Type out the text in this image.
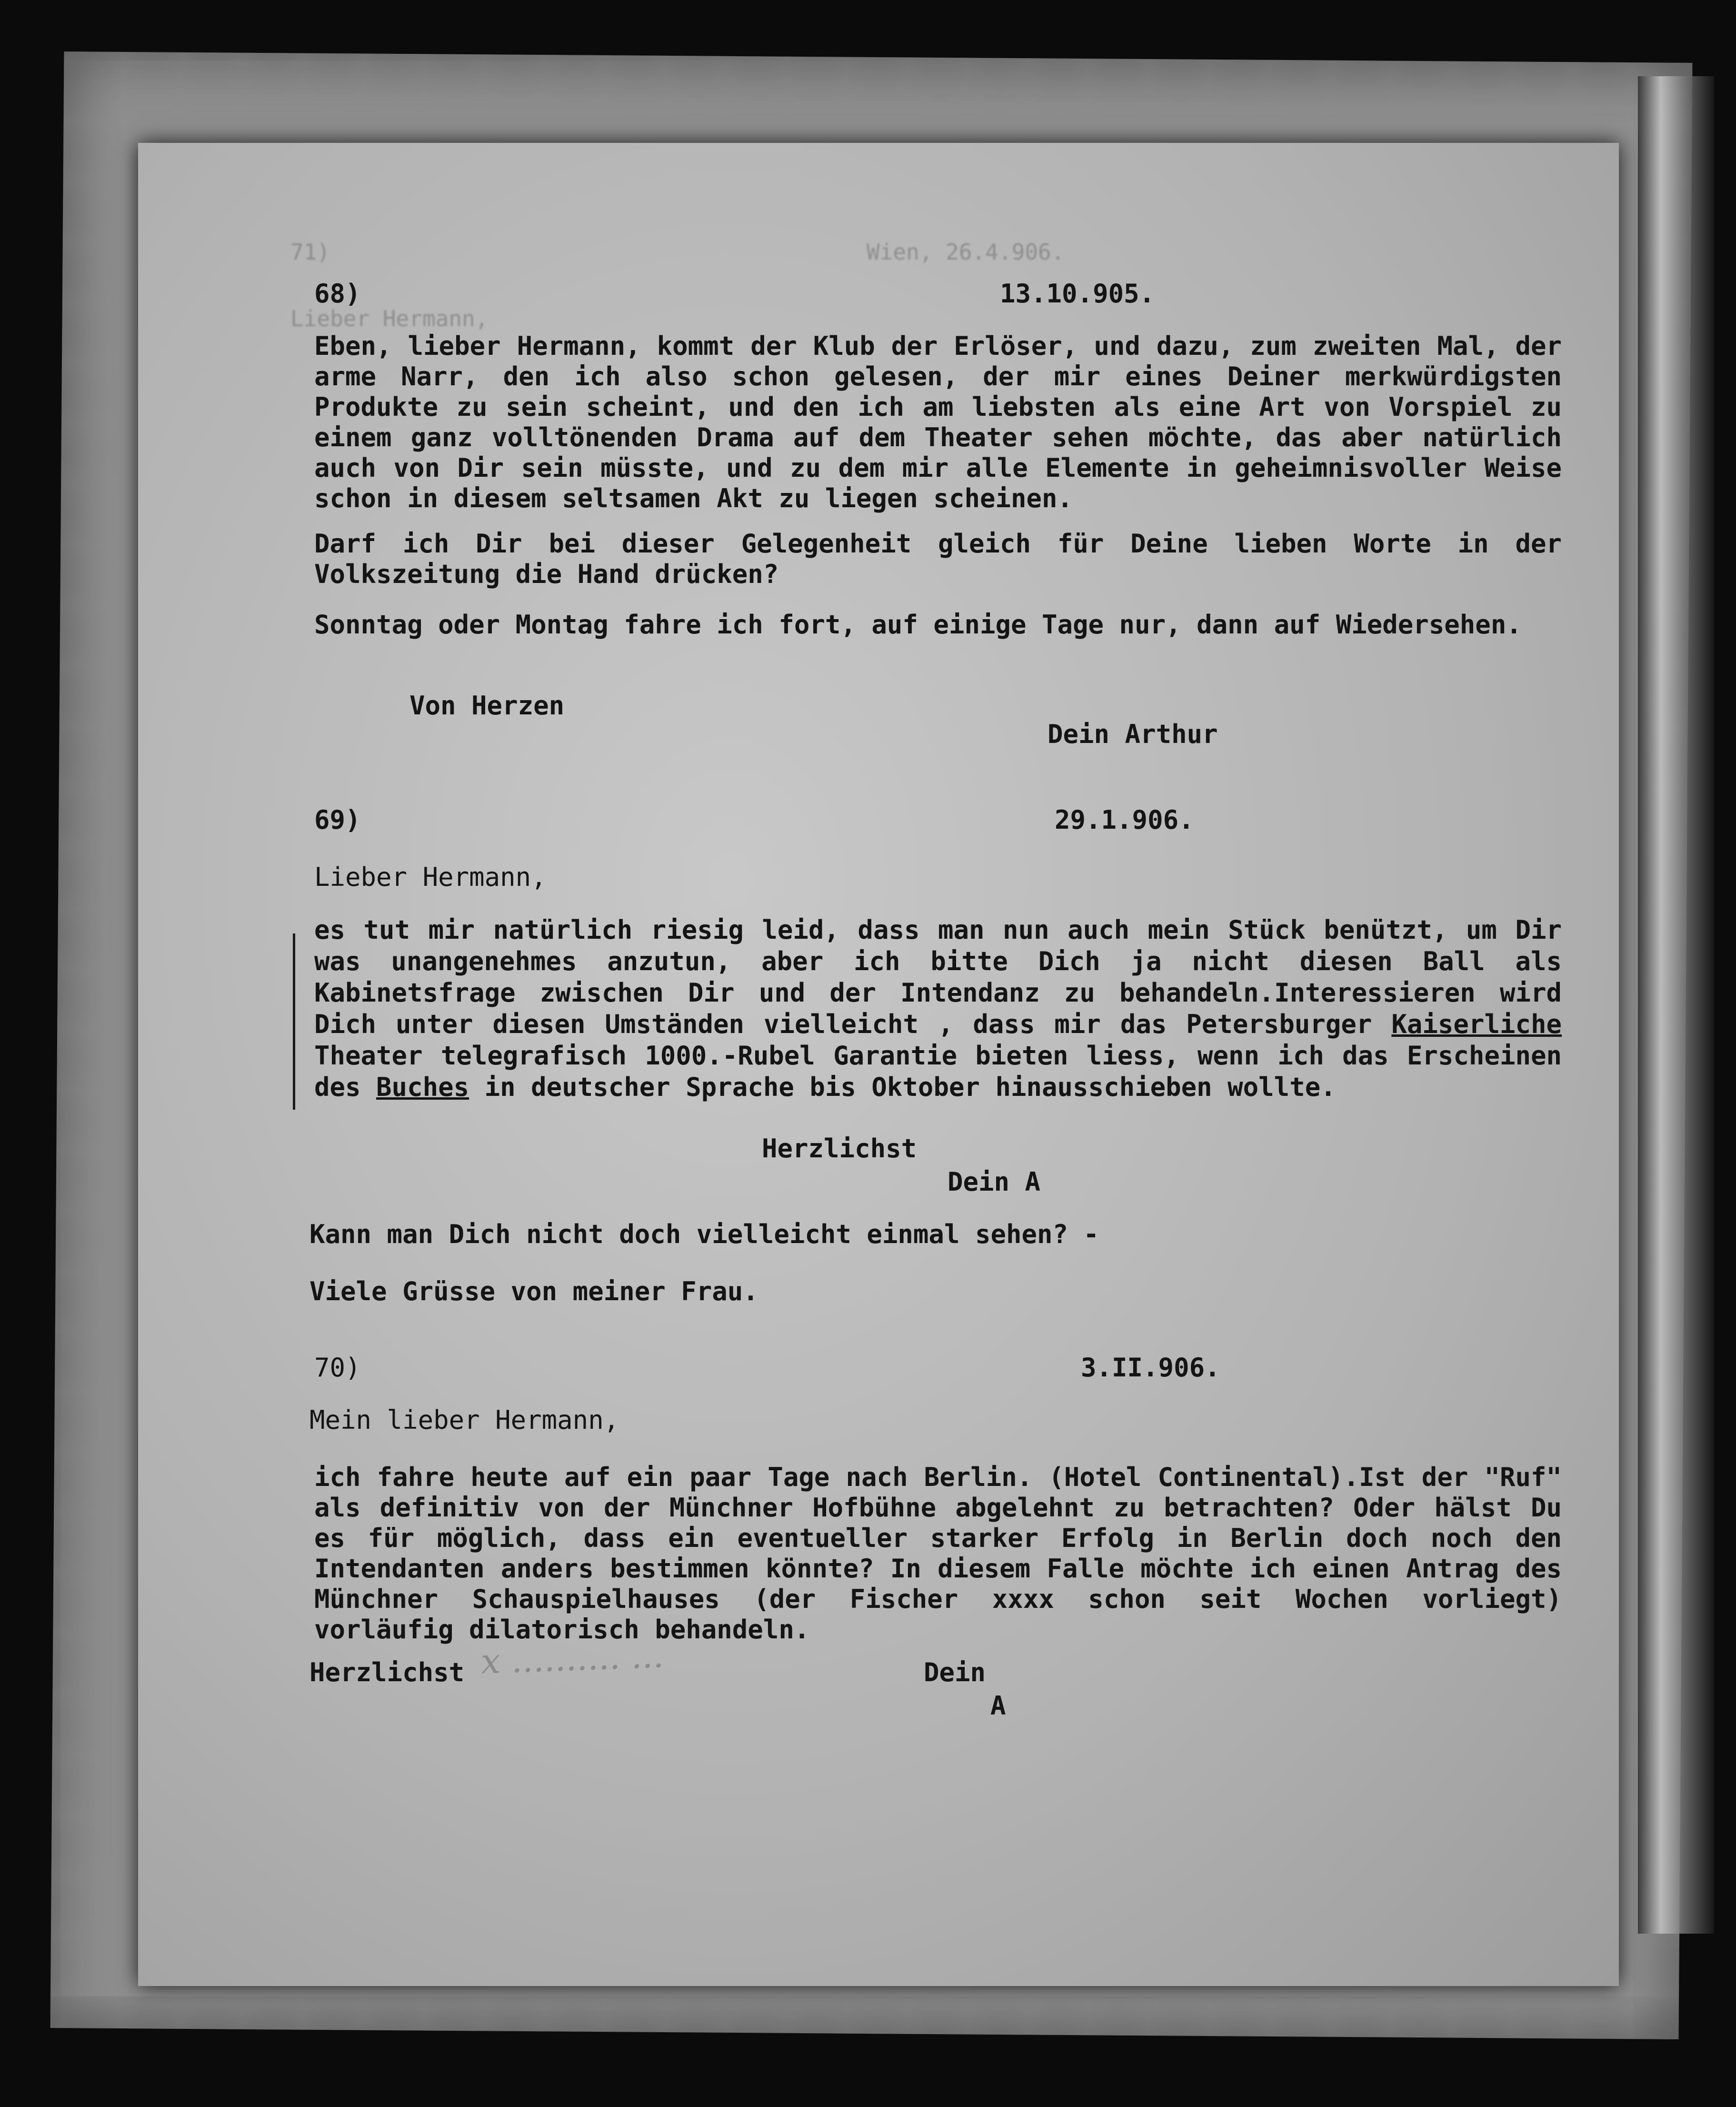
71)	Wien, 26.4.906.
Lieber Hermann,
68)	13.10.905.
Eben, lieber Hermann, kommt der Klub der Erlöser, und dazu, zum zweiten Mal, der arme Narr, den ich also schon gelesen, der mir eines Deiner merkwürdigsten Produkte zu sein scheint, und den ich am liebsten als eine Art von Vorspiel zu einem ganz volltönenden Drama auf dem Theater sehen möchte, das aber natürlich auch von Dir sein müsste, und zu dem mir alle Elemente in geheimnisvoller Weise schon in diesem seltsamen Akt zu liegen scheinen.
Darf ich Dir bei dieser Gelegenheit gleich für Deine lieben Worte in der Volkszeitung die Hand drücken?
Sonntag oder Montag fahre ich fort, auf einige Tage nur, dann auf Wiedersehen.
Von Herzen
Dein Arthur
69)	29.1.906.
Lieber Hermann,
es tut mir natürlich riesig leid, dass man nun auch mein Stück benützt, um Dir was unangenehmes anzutun, aber ich bitte Dich ja nicht diesen Ball als Kabinetsfrage zwischen Dir und der Intendanz zu behandeln.Interessieren wird Dich unter diesen Umständen vielleicht , dass mir das Petersburger Kaiserliche Theater telegrafisch 1000.-Rubel Garantie bieten liess, wenn ich das Erscheinen des Buches in deutscher Sprache bis Oktober hinausschieben wollte.
Herzlichst
Dein A
Kann man Dich nicht doch vielleicht einmal sehen? -
Viele Grüsse von meiner Frau.
70)	3.II.906.
Mein lieber Hermann,
ich fahre heute auf ein paar Tage nach Berlin. (Hotel Continental).Ist der "Ruf" als definitiv von der Münchner Hofbühne abgelehnt zu betrachten? Oder hälst Du es für möglich, dass ein eventueller starker Erfolg in Berlin doch noch den Intendanten anders bestimmen könnte? In diesem Falle möchte ich einen Antrag des Münchner Schauspielhauses (der Fischer xxxx schon seit Wochen vorliegt) vorläufig dilatorisch behandeln.
x .......... ...
Herzlichst	Dein
A
